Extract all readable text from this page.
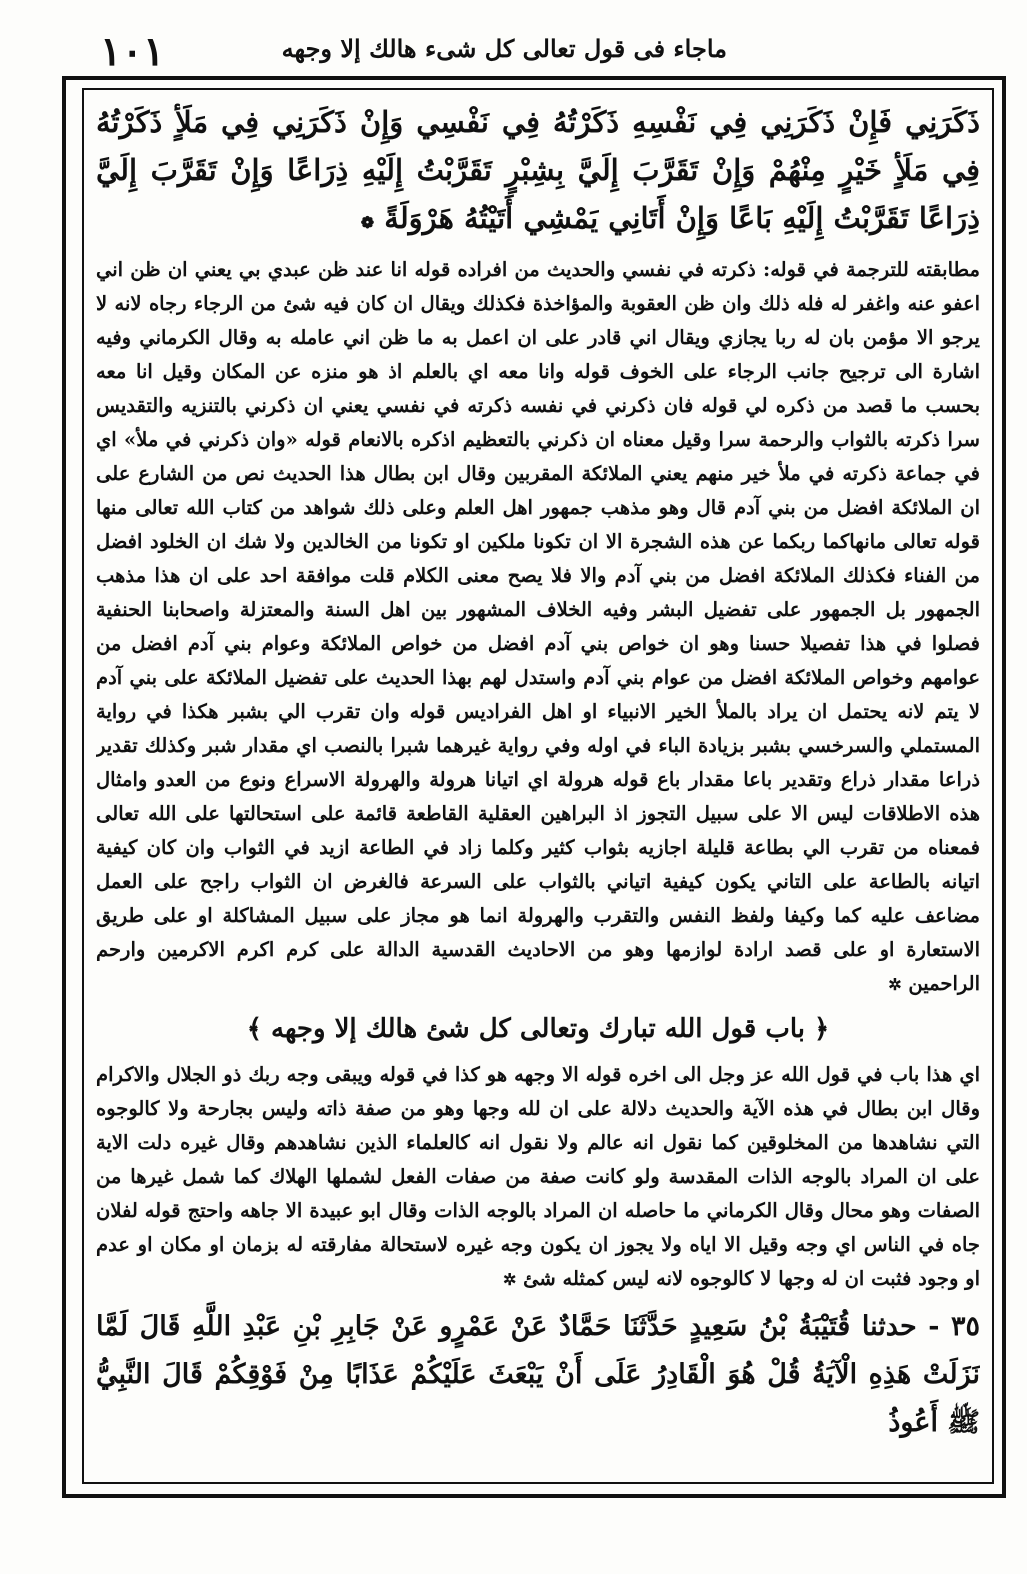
١٠١	ماجاء فى قول تعالى كل شىء هالك إلا وجهه

ذَكَرَنِي فَإِنْ ذَكَرَنِي فِي نَفْسِهِ ذَكَرْتُهُ فِي نَفْسِي وَإِنْ ذَكَرَنِي فِي مَلَأٍ ذَكَرْتُهُ فِي مَلَأٍ خَيْرٍ مِنْهُمْ وَإِنْ تَقَرَّبَ إِلَيَّ بِشِبْرٍ تَقَرَّبْتُ إِلَيْهِ ذِرَاعًا وَإِنْ تَقَرَّبَ إِلَيَّ ذِرَاعًا تَقَرَّبْتُ إِلَيْهِ بَاعًا وَإِنْ أَتَانِي يَمْشِي أَتَيْتُهُ هَرْوَلَةً ❁

مطابقته للترجمة في قوله: ذكرته في نفسي والحديث من افراده قوله انا عند ظن عبدي بي يعني ان ظن اني اعفو عنه واغفر له فله ذلك وان ظن العقوبة والمؤاخذة فكذلك ويقال ان كان فيه شئ من الرجاء رجاه لانه لا يرجو الا مؤمن بان له ربا يجازي ويقال اني قادر على ان اعمل به ما ظن اني عامله به وقال الكرماني وفيه اشارة الى ترجيح جانب الرجاء على الخوف قوله وانا معه اي بالعلم اذ هو منزه عن المكان وقيل انا معه بحسب ما قصد من ذكره لي قوله فان ذكرني في نفسه ذكرته في نفسي يعني ان ذكرني بالتنزيه والتقديس سرا ذكرته بالثواب والرحمة سرا وقيل معناه ان ذكرني بالتعظيم اذكره بالانعام قوله «وان ذكرني في ملأ» اي في جماعة ذكرته في ملأ خير منهم يعني الملائكة المقربين وقال ابن بطال هذا الحديث نص من الشارع على ان الملائكة افضل من بني آدم قال وهو مذهب جمهور اهل العلم وعلى ذلك شواهد من كتاب الله تعالى منها قوله تعالى مانهاكما ربكما عن هذه الشجرة الا ان تكونا ملكين او تكونا من الخالدين ولا شك ان الخلود افضل من الفناء فكذلك الملائكة افضل من بني آدم والا فلا يصح معنى الكلام قلت موافقة احد على ان هذا مذهب الجمهور بل الجمهور على تفضيل البشر وفيه الخلاف المشهور بين اهل السنة والمعتزلة واصحابنا الحنفية فصلوا في هذا تفصيلا حسنا وهو ان خواص بني آدم افضل من خواص الملائكة وعوام بني آدم افضل من عوامهم وخواص الملائكة افضل من عوام بني آدم واستدل لهم بهذا الحديث على تفضيل الملائكة على بني آدم لا يتم لانه يحتمل ان يراد بالملأ الخير الانبياء او اهل الفراديس قوله وان تقرب الي بشبر هكذا في رواية المستملي والسرخسي بشبر بزيادة الباء في اوله وفي رواية غيرهما شبرا بالنصب اي مقدار شبر وكذلك تقدير ذراعا مقدار ذراع وتقدير باعا مقدار باع قوله هرولة اي اتيانا هرولة والهرولة الاسراع ونوع من العدو وامثال هذه الاطلاقات ليس الا على سبيل التجوز اذ البراهين العقلية القاطعة قائمة على استحالتها على الله تعالى فمعناه من تقرب الي بطاعة قليلة اجازيه بثواب كثير وكلما زاد في الطاعة ازيد في الثواب وان كان كيفية اتيانه بالطاعة على التاني يكون كيفية اتياني بالثواب على السرعة فالغرض ان الثواب راجح على العمل مضاعف عليه كما وكيفا ولفظ النفس والتقرب والهرولة انما هو مجاز على سبيل المشاكلة او على طريق الاستعارة او على قصد ارادة لوازمها وهو من الاحاديث القدسية الدالة على كرم اكرم الاكرمين وارحم الراحمين ✲

﴿ باب قول الله تبارك وتعالى كل شئ هالك إلا وجهه ﴾

اي هذا باب في قول الله عز وجل الى اخره قوله الا وجهه هو كذا في قوله ويبقى وجه ربك ذو الجلال والاكرام وقال ابن بطال في هذه الآية والحديث دلالة على ان لله وجها وهو من صفة ذاته وليس بجارحة ولا كالوجوه التي نشاهدها من المخلوقين كما نقول انه عالم ولا نقول انه كالعلماء الذين نشاهدهم وقال غيره دلت الاية على ان المراد بالوجه الذات المقدسة ولو كانت صفة من صفات الفعل لشملها الهلاك كما شمل غيرها من الصفات وهو محال وقال الكرماني ما حاصله ان المراد بالوجه الذات وقال ابو عبيدة الا جاهه واحتج قوله لفلان جاه في الناس اي وجه وقيل الا اياه ولا يجوز ان يكون وجه غيره لاستحالة مفارقته له بزمان او مكان او عدم او وجود فثبت ان له وجها لا كالوجوه لانه ليس كمثله شئ ✲

٣٥ - حدثنا قُتَيْبَةُ بْنُ سَعِيدٍ حَدَّثَنَا حَمَّادٌ عَنْ عَمْرٍو عَنْ جَابِرِ بْنِ عَبْدِ اللَّهِ قَالَ لَمَّا نَزَلَتْ هَذِهِ الْآيَةُ قُلْ هُوَ الْقَادِرُ عَلَى أَنْ يَبْعَثَ عَلَيْكُمْ عَذَابًا مِنْ فَوْقِكُمْ قَالَ النَّبِيُّ ﷺ أَعُوذُ
